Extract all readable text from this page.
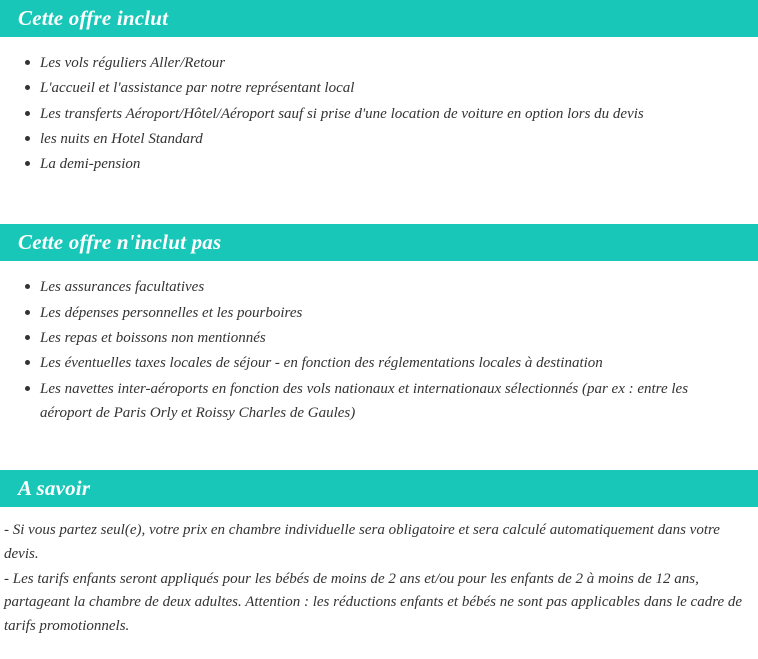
Cette offre inclut
Les vols réguliers Aller/Retour
L'accueil et l'assistance par notre représentant local
Les transferts Aéroport/Hôtel/Aéroport sauf si prise d'une location de voiture en option lors du devis
les nuits en Hotel Standard
La demi-pension
Cette offre n'inclut pas
Les assurances facultatives
Les dépenses personnelles et les pourboires
Les repas et boissons non mentionnés
Les éventuelles taxes locales de séjour - en fonction des réglementations locales à destination
Les navettes inter-aéroports en fonction des vols nationaux et internationaux sélectionnés (par ex : entre les aéroport de Paris Orly et Roissy Charles de Gaules)
A savoir

- Si vous partez seul(e), votre prix en chambre individuelle sera obligatoire et sera calculé automatiquement dans votre devis.

- Les tarifs enfants seront appliqués pour les bébés de moins de 2 ans et/ou pour les enfants de 2 à moins de 12 ans, partageant la chambre de deux adultes. Attention : les réductions enfants et bébés ne sont pas applicables dans le cadre de tarifs promotionnels.
